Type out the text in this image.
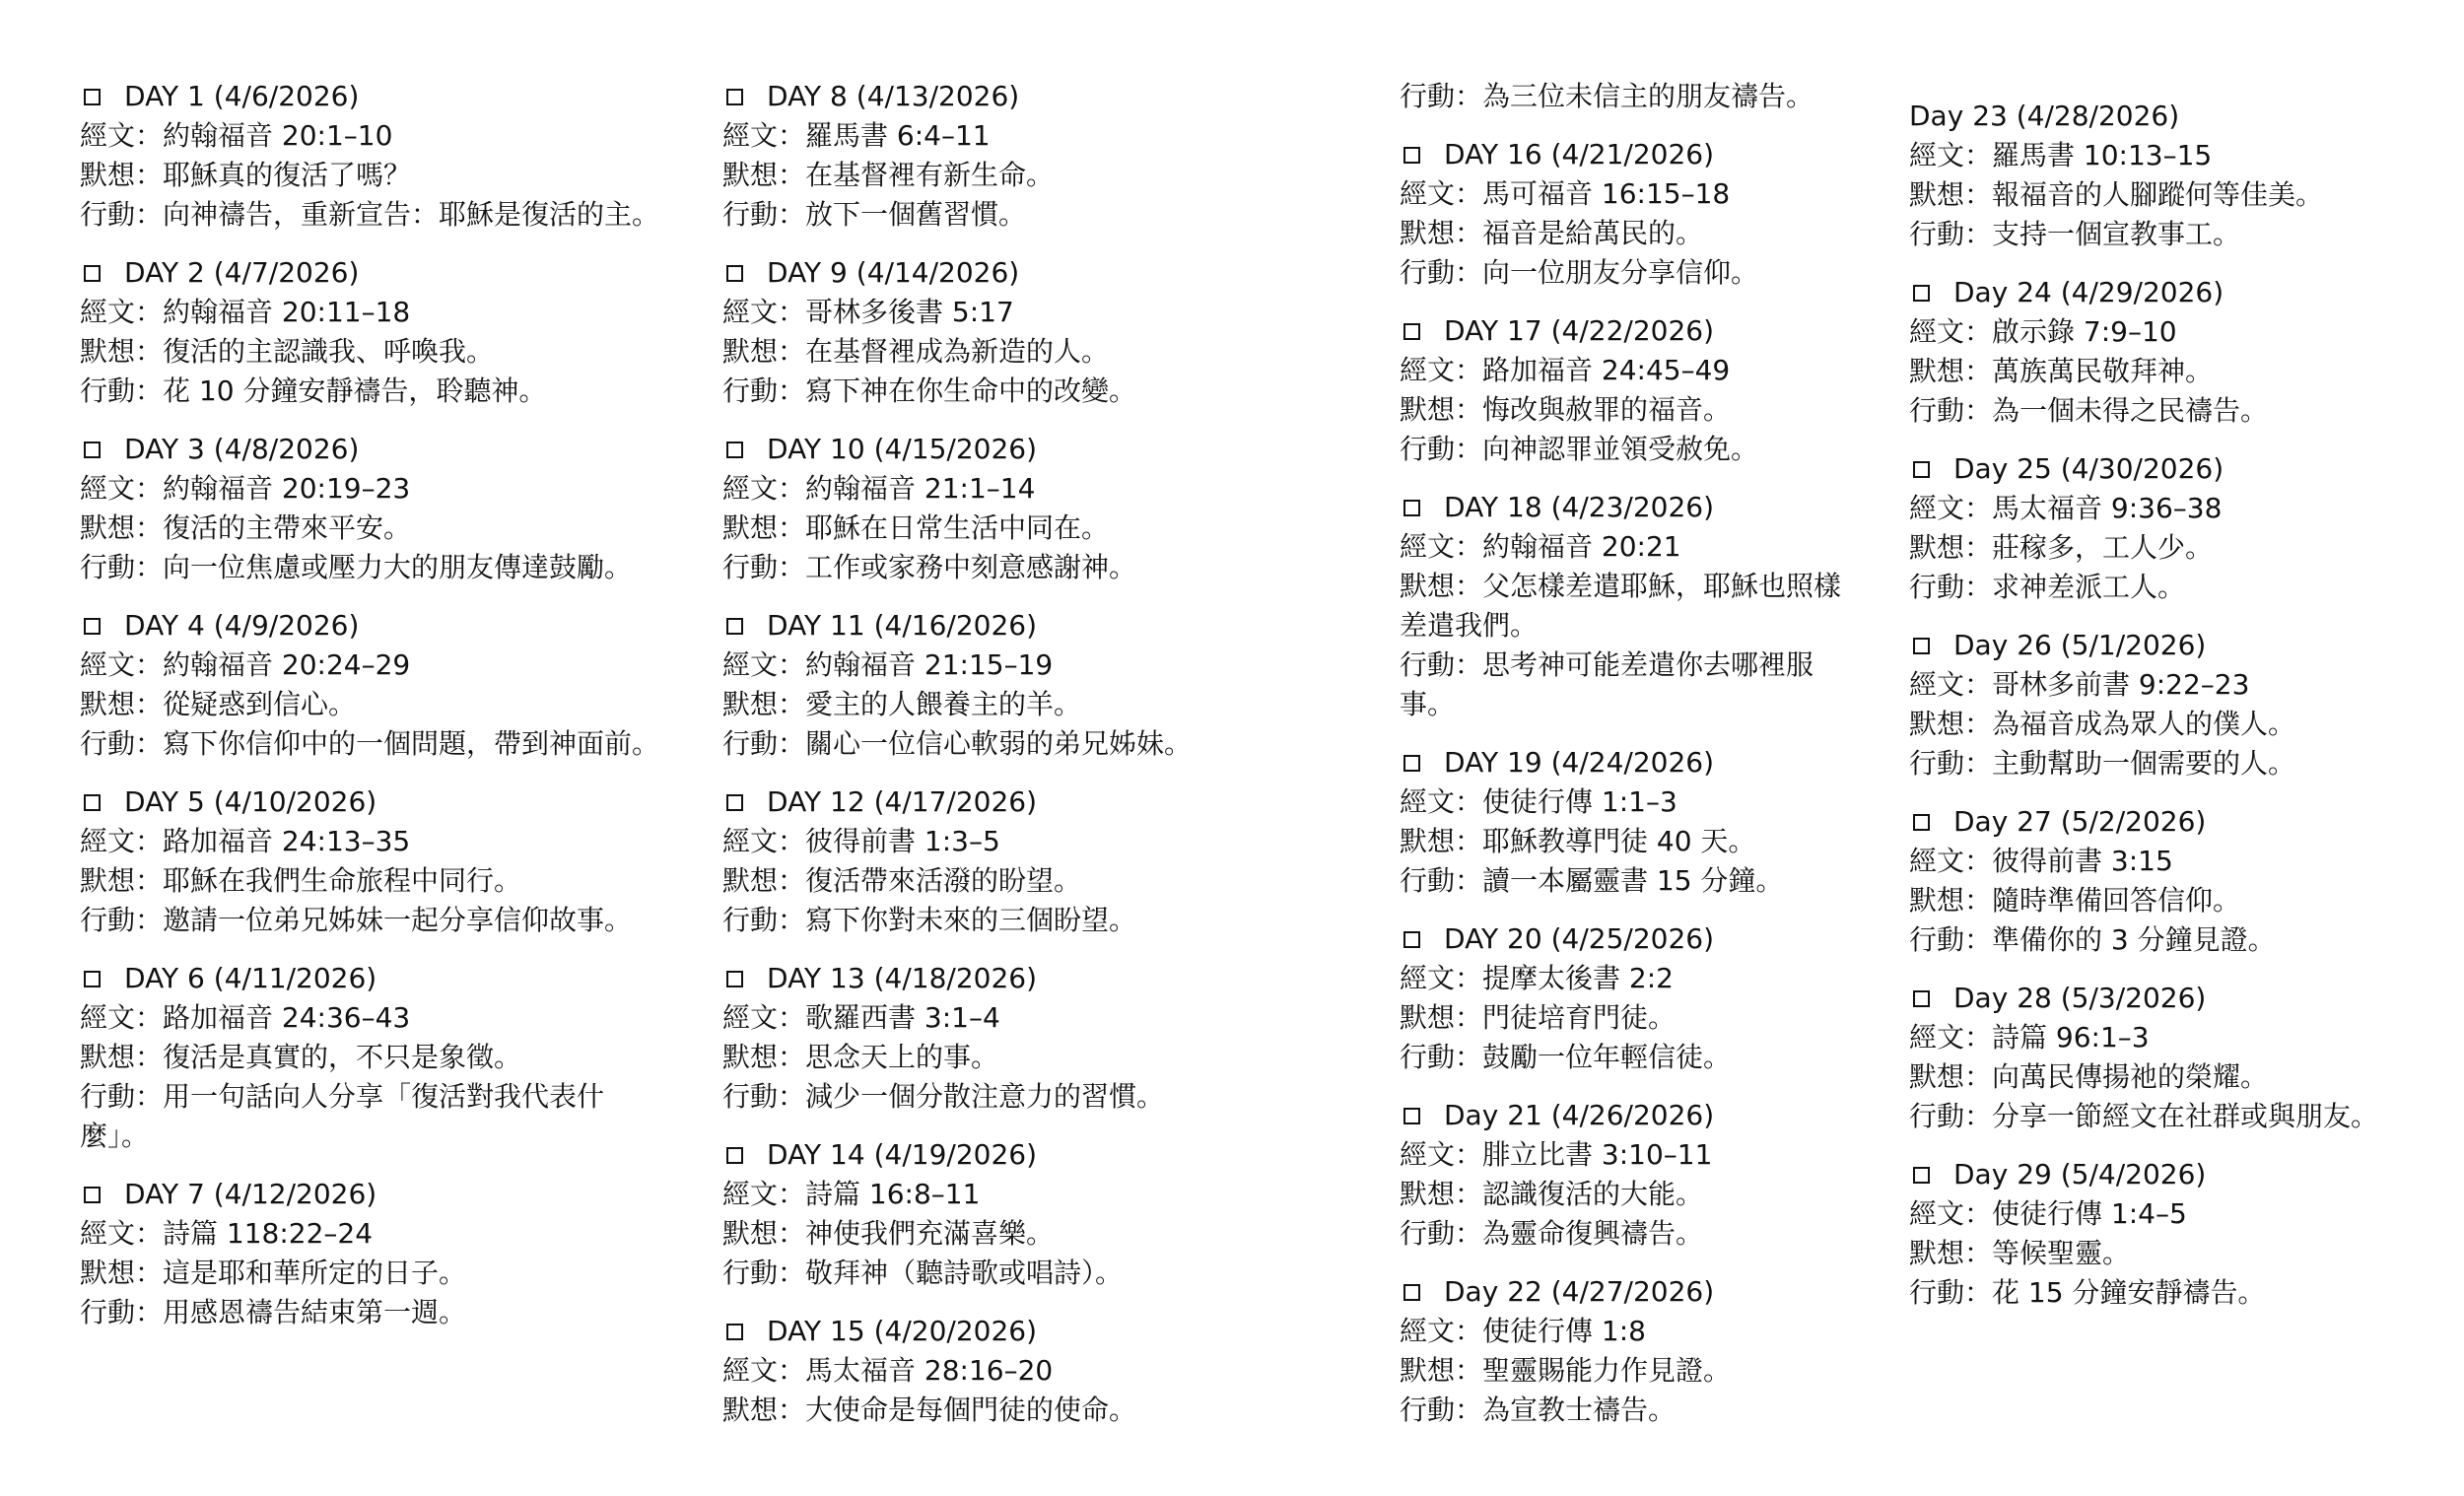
DAY 1 (4/6/2026)
經文：約翰福音 20:1–10
默想：耶穌真的復活了嗎？
行動：向神禱告，重新宣告：耶穌是復活的主。
DAY 2 (4/7/2026)
經文：約翰福音 20:11–18
默想：復活的主認識我、呼喚我。
行動：花 10 分鐘安靜禱告，聆聽神。
DAY 3 (4/8/2026)
經文：約翰福音 20:19–23
默想：復活的主帶來平安。
行動：向一位焦慮或壓力大的朋友傳達鼓勵。
DAY 4 (4/9/2026)
經文：約翰福音 20:24–29
默想：從疑惑到信心。
行動：寫下你信仰中的一個問題，帶到神面前。
DAY 5 (4/10/2026)
經文：路加福音 24:13–35
默想：耶穌在我們生命旅程中同行。
行動：邀請一位弟兄姊妹一起分享信仰故事。
DAY 6 (4/11/2026)
經文：路加福音 24:36–43
默想：復活是真實的，不只是象徵。
行動：用一句話向人分享「復活對我代表什麼」。
DAY 7 (4/12/2026)
經文：詩篇 118:22–24
默想：這是耶和華所定的日子。
行動：用感恩禱告結束第一週。
DAY 8 (4/13/2026)
經文：羅馬書 6:4–11
默想：在基督裡有新生命。
行動：放下一個舊習慣。
DAY 9 (4/14/2026)
經文：哥林多後書 5:17
默想：在基督裡成為新造的人。
行動：寫下神在你生命中的改變。
DAY 10 (4/15/2026)
經文：約翰福音 21:1–14
默想：耶穌在日常生活中同在。
行動：工作或家務中刻意感謝神。
DAY 11 (4/16/2026)
經文：約翰福音 21:15–19
默想：愛主的人餵養主的羊。
行動：關心一位信心軟弱的弟兄姊妹。
DAY 12 (4/17/2026)
經文：彼得前書 1:3–5
默想：復活帶來活潑的盼望。
行動：寫下你對未來的三個盼望。
DAY 13 (4/18/2026)
經文：歌羅西書 3:1–4
默想：思念天上的事。
行動：減少一個分散注意力的習慣。
DAY 14 (4/19/2026)
經文：詩篇 16:8–11
默想：神使我們充滿喜樂。
行動：敬拜神（聽詩歌或唱詩）。
DAY 15 (4/20/2026)
經文：馬太福音 28:16–20
默想：大使命是每個門徒的使命。
行動：為三位未信主的朋友禱告。
DAY 16 (4/21/2026)
經文：馬可福音 16:15–18
默想：福音是給萬民的。
行動：向一位朋友分享信仰。
DAY 17 (4/22/2026)
經文：路加福音 24:45–49
默想：悔改與赦罪的福音。
行動：向神認罪並領受赦免。
DAY 18 (4/23/2026)
經文：約翰福音 20:21
默想：父怎樣差遣耶穌，耶穌也照樣差遣我們。
行動：思考神可能差遣你去哪裡服事。
DAY 19 (4/24/2026)
經文：使徒行傳 1:1–3
默想：耶穌教導門徒 40 天。
行動：讀一本屬靈書 15 分鐘。
DAY 20 (4/25/2026)
經文：提摩太後書 2:2
默想：門徒培育門徒。
行動：鼓勵一位年輕信徒。
Day 21 (4/26/2026)
經文：腓立比書 3:10–11
默想：認識復活的大能。
行動：為靈命復興禱告。
Day 22 (4/27/2026)
經文：使徒行傳 1:8
默想：聖靈賜能力作見證。
行動：為宣教士禱告。
Day 23 (4/28/2026)
經文：羅馬書 10:13–15
默想：報福音的人腳蹤何等佳美。
行動：支持一個宣教事工。
Day 24 (4/29/2026)
經文：啟示錄 7:9–10
默想：萬族萬民敬拜神。
行動：為一個未得之民禱告。
Day 25 (4/30/2026)
經文：馬太福音 9:36–38
默想：莊稼多，工人少。
行動：求神差派工人。
Day 26 (5/1/2026)
經文：哥林多前書 9:22–23
默想：為福音成為眾人的僕人。
行動：主動幫助一個需要的人。
Day 27 (5/2/2026)
經文：彼得前書 3:15
默想：隨時準備回答信仰。
行動：準備你的 3 分鐘見證。
Day 28 (5/3/2026)
經文：詩篇 96:1–3
默想：向萬民傳揚祂的榮耀。
行動：分享一節經文在社群或與朋友。
Day 29 (5/4/2026)
經文：使徒行傳 1:4–5
默想：等候聖靈。
行動：花 15 分鐘安靜禱告。
